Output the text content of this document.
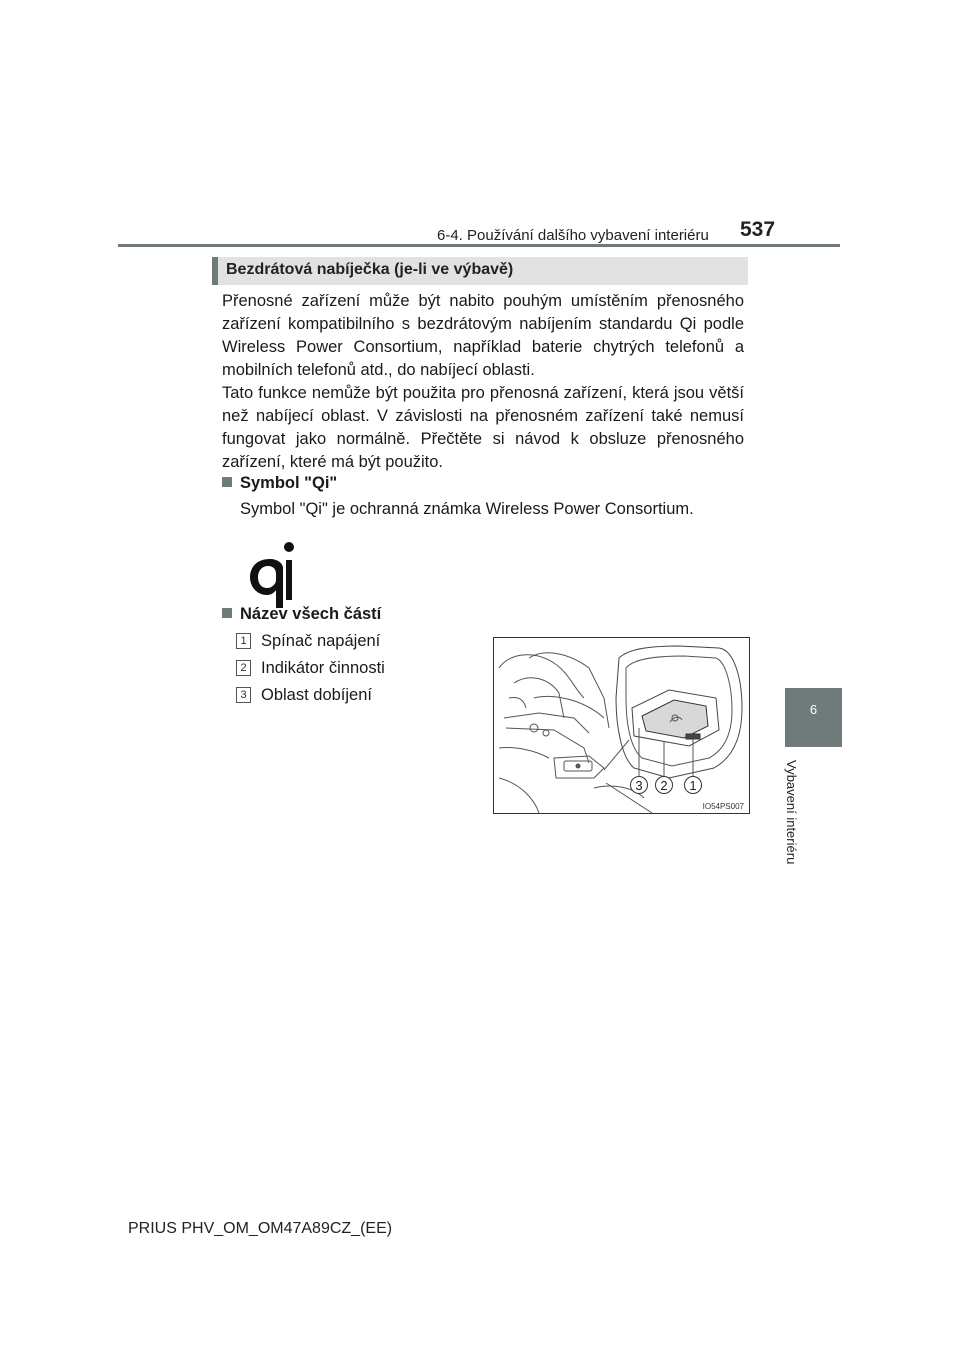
6-4. Používání dalšího vybavení interiéru 537
6
Vybavení interiéru
Bezdrátová nabíječka (je-li ve výbavě)

Přenosné zařízení může být nabito pouhým umístěním přenosného zařízení kompatibilního s bezdrátovým nabíjením standardu Qi podle Wireless Power Consortium, například baterie chytrých telefonů a mobilních telefonů atd., do nabíjecí oblasti.

Tato funkce nemůže být použita pro přenosná zařízení, která jsou větší než nabíjecí oblast. V závislosti na přenosném zařízení také nemusí fungovat jako normálně. Přečtěte si návod k obsluze přenosného zařízení, které má být použito.

Symbol "Qi"
Symbol "Qi" je ochranná známka Wireless Power Consortium.
Název všech částí
1 Spínač napájení
2 Indikátor činnosti
3 Oblast dobíjení
3 2 1
IO54PS007
PRIUS PHV_OM_OM47A89CZ_(EE)
